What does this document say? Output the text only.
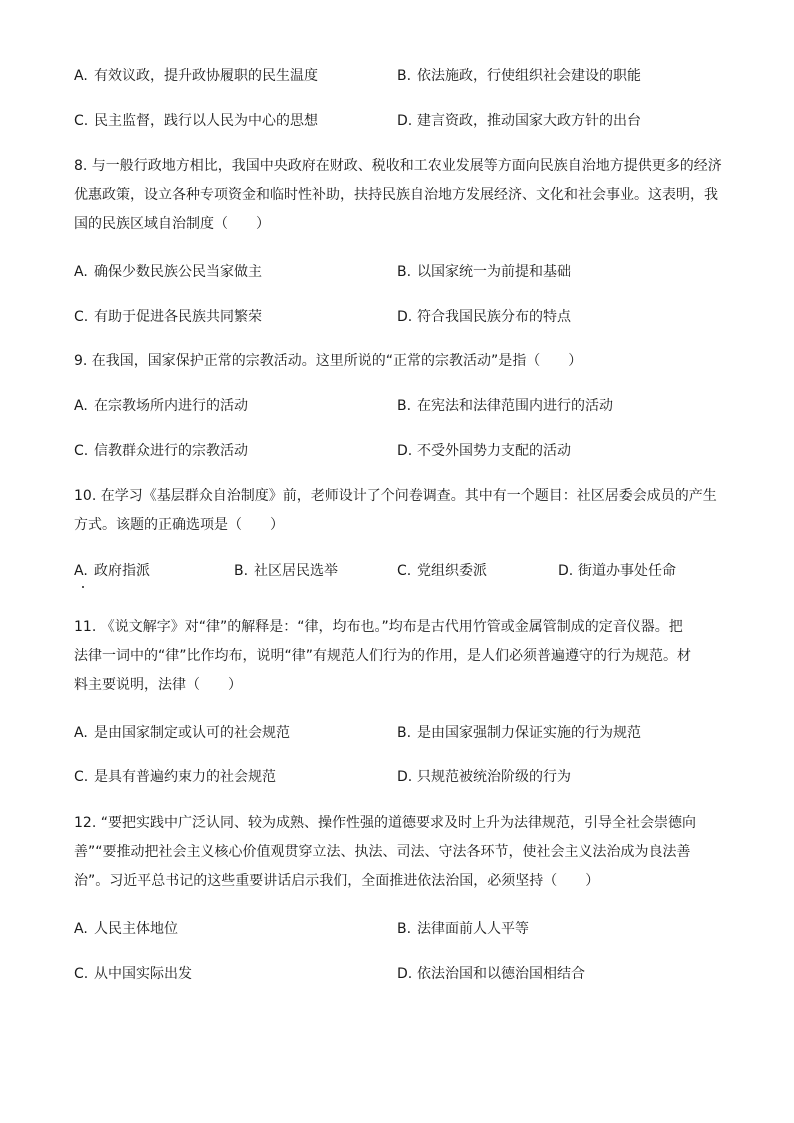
A. 有效议政，提升政协履职的民生温度	B. 依法施政，行使组织社会建设的职能
C. 民主监督，践行以人民为中心的思想	D. 建言资政，推动国家大政方针的出台
8. 与一般行政地方相比，我国中央政府在财政、税收和工农业发展等方面向民族自治地方提供更多的经济
优惠政策，设立各种专项资金和临时性补助，扶持民族自治地方发展经济、文化和社会事业。这表明，我
国的民族区域自治制度（　　）
A. 确保少数民族公民当家做主	B. 以国家统一为前提和基础
C. 有助于促进各民族共同繁荣	D. 符合我国民族分布的特点
9. 在我国，国家保护正常的宗教活动。这里所说的“正常的宗教活动”是指（　　）
A. 在宗教场所内进行的活动	B. 在宪法和法律范围内进行的活动
C. 信教群众进行的宗教活动	D. 不受外国势力支配的活动
10. 在学习《基层群众自治制度》前，老师设计了个问卷调查。其中有一个题目：社区居委会成员的产生
方式。该题的正确选项是（　　）
A. 政府指派	B. 社区居民选举	C. 党组织委派	D. 街道办事处任命
11. 《说文解字》对“律”的解释是：“律，均布也。”均布是古代用竹管或金属管制成的定音仪器。把
法律一词中的“律”比作均布，说明“律”有规范人们行为的作用，是人们必须普遍遵守的行为规范。材
料主要说明，法律（　　）
A. 是由国家制定或认可的社会规范	B. 是由国家强制力保证实施的行为规范
C. 是具有普遍约束力的社会规范	D. 只规范被统治阶级的行为
12. “要把实践中广泛认同、较为成熟、操作性强的道德要求及时上升为法律规范，引导全社会崇德向
善”“要推动把社会主义核心价值观贯穿立法、执法、司法、守法各环节，使社会主义法治成为良法善
治”。习近平总书记的这些重要讲话启示我们，全面推进依法治国，必须坚持（　　）
A. 人民主体地位	B. 法律面前人人平等
C. 从中国实际出发	D. 依法治国和以德治国相结合
